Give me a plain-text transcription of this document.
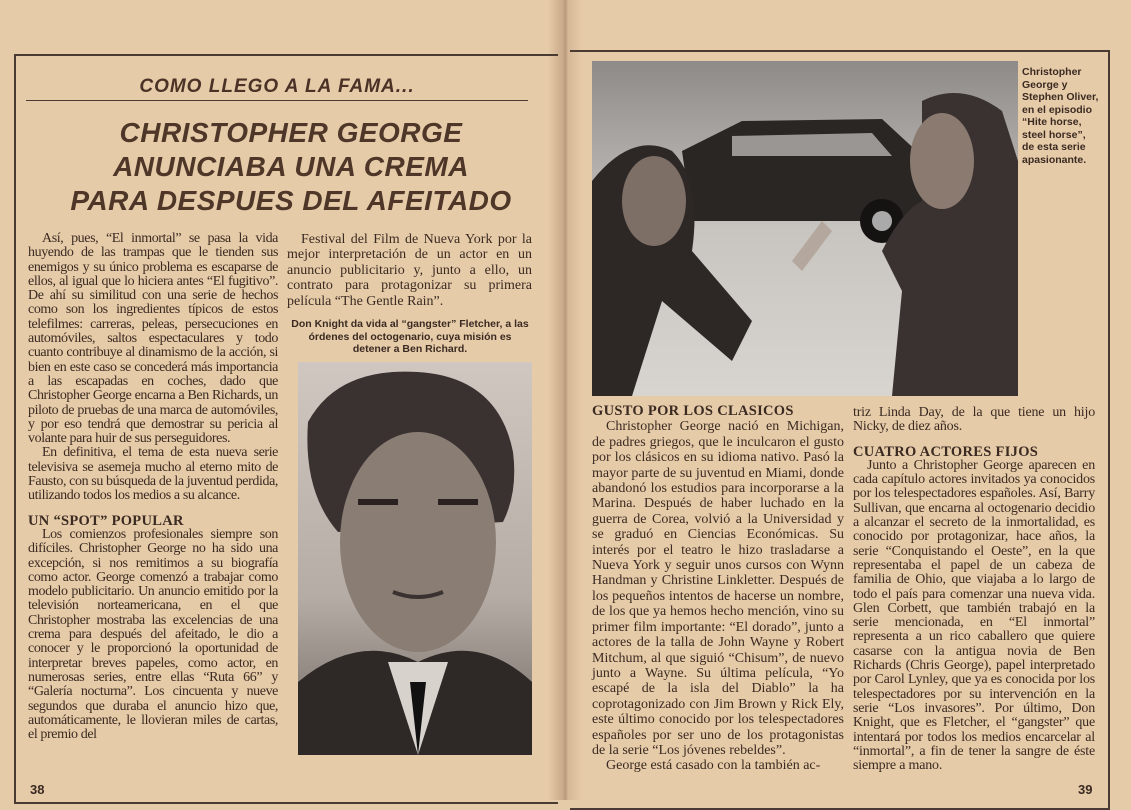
COMO LLEGO A LA FAMA...
CHRISTOPHER GEORGE
ANUNCIABA UNA CREMA
PARA DESPUES DEL AFEITADO

Así, pues, “El inmortal” se pasa la vida huyendo de las trampas que le tienden sus enemigos y su único problema es escaparse de ellos, al igual que lo hiciera antes “El fugitivo”. De ahí su similitud con una serie de hechos como son los ingredientes típicos de estos telefilmes: carreras, peleas, persecuciones en automóviles, saltos espectaculares y todo cuanto contribuye al dinamismo de la acción, si bien en este caso se concederá más importancia a las escapadas en coches, dado que Christopher George encarna a Ben Richards, un piloto de pruebas de una marca de automóviles, y por eso tendrá que demostrar su pericia al volante para huir de sus perseguidores.

En definitiva, el tema de esta nueva serie televisiva se asemeja mucho al eterno mito de Fausto, con su búsqueda de la juventud perdida, utilizando todos los medios a su alcance.

UN “SPOT” POPULAR

Los comienzos profesionales siempre son difíciles. Christopher George no ha sido una excepción, si nos remitimos a su biografía como actor. George comenzó a trabajar como modelo publicitario. Un anuncio emitido por la televisión norteamericana, en el que Christopher mostraba las excelencias de una crema para después del afeitado, le dio a conocer y le proporcionó la oportunidad de interpretar breves papeles, como actor, en numerosas series, entre ellas “Ruta 66” y “Galería nocturna”. Los cincuenta y nueve segundos que duraba el anuncio hizo que, automáticamente, le llovieran miles de cartas, el premio del

Festival del Film de Nueva York por la mejor interpretación de un actor en un anuncio publicitario y, junto a ello, un contrato para protagonizar su primera película “The Gentle Rain”.

Don Knight da vida al “gangster” Fletcher, a las órdenes del octogenario, cuya misión es detener a Ben Richard.
38
Christopher George y Stephen Oliver, en el episodio “Hite horse, steel horse”, de esta serie apasionante.
GUSTO POR LOS CLASICOS

Christopher George nació en Michigan, de padres griegos, que le inculcaron el gusto por los clásicos en su idioma nativo. Pasó la mayor parte de su juventud en Miami, donde abandonó los estudios para incorporarse a la Marina. Después de haber luchado en la guerra de Corea, volvió a la Universidad y se graduó en Ciencias Económicas. Su interés por el teatro le hizo trasladarse a Nueva York y seguir unos cursos con Wynn Handman y Christine Linkletter. Después de los pequeños intentos de hacerse un nombre, de los que ya hemos hecho mención, vino su primer film importante: “El dorado”, junto a actores de la talla de John Wayne y Robert Mitchum, al que siguió “Chisum”, de nuevo junto a Wayne. Su última película, “Yo escapé de la isla del Diablo” la ha coprotagonizado con Jim Brown y Rick Ely, este último conocido por los telespectadores españoles por ser uno de los protagonistas de la serie “Los jóvenes rebeldes”.

George está casado con la también ac-

triz Linda Day, de la que tiene un hijo Nicky, de diez años.

CUATRO ACTORES FIJOS

Junto a Christopher George aparecen en cada capítulo actores invitados ya conocidos por los telespectadores españoles. Así, Barry Sullivan, que encarna al octogenario decidio a alcanzar el secreto de la inmortalidad, es conocido por protagonizar, hace años, la serie “Conquistando el Oeste”, en la que representaba el papel de un cabeza de familia de Ohio, que viajaba a lo largo de todo el país para comenzar una nueva vida. Glen Corbett, que también trabajó en la serie mencionada, en “El inmortal” representa a un rico caballero que quiere casarse con la antigua novia de Ben Richards (Chris George), papel interpretado por Carol Lynley, que ya es conocida por los telespectadores por su intervención en la serie “Los invasores”. Por último, Don Knight, que es Fletcher, el “gangster” que intentará por todos los medios encarcelar al “inmortal”, a fin de tener la sangre de éste siempre a mano.

39
